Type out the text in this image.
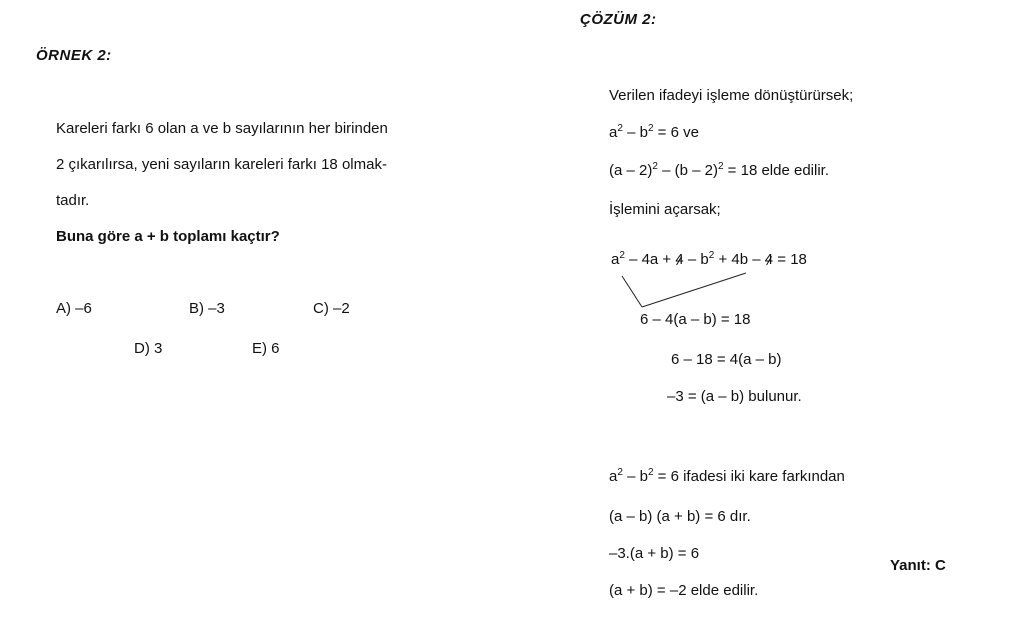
ÖRNEK 2:
Kareleri farkı 6 olan a ve b sayılarının her birinden
2 çıkarılırsa, yeni sayıların kareleri farkı 18 olmak-
tadır.
Buna göre a + b toplamı kaçtır?
A) –6	B) –3	C) –2
D) 3	E) 6
ÇÖZÜM 2:
Verilen ifadeyi işleme dönüştürürsek;
$a^2 - b^2 = 6$ ve
(a – 2)$^2$ – (b – 2)$^2$ = 18 elde edilir.
İşlemini açarsak;
$a^2 - 4a + 4 - b^2 + 4b - 4 = 18$
6 – 4(a – b) = 18
6 – 18 = 4(a – b)
–3 = (a – b) bulunur.
$a^2 - b^2 = 6$ ifadesi iki kare farkından
(a – b) (a + b) = 6 dır.
–3.(a + b) = 6
(a + b) = –2 elde edilir.
Yanıt: C
